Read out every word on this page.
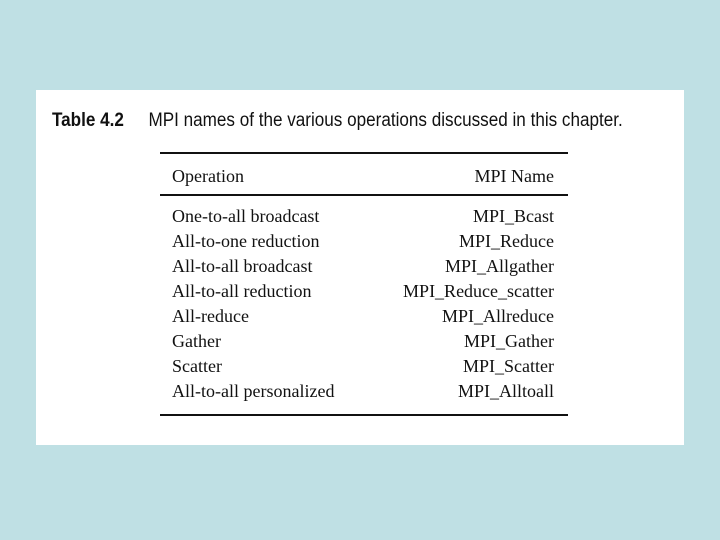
Table 4.2 MPI names of the various operations discussed in this chapter.
Operation	MPI Name
One-to-all broadcast	MPI_Bcast
All-to-one reduction	MPI_Reduce
All-to-all broadcast	MPI_Allgather
All-to-all reduction	MPI_Reduce_scatter
All-reduce	MPI_Allreduce
Gather	MPI_Gather
Scatter	MPI_Scatter
All-to-all personalized	MPI_Alltoall
